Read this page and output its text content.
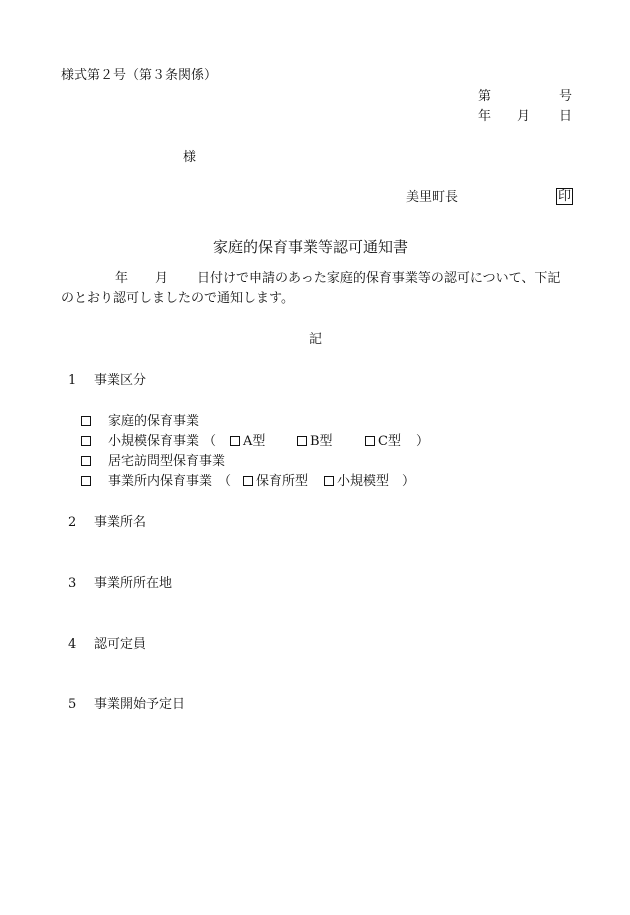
様式第２号（第３条関係）
第	号
年 月 日
様
美里町長	印
家庭的保育事業等認可通知書
年 月 日付けで申請のあった家庭的保育事業等の認可について、下記
のとおり認可しましたので通知します。
記
1 事業区分
家庭的保育事業
小規模保育事業 （	A型	B型	C型 ）
居宅訪問型保育事業
事業所内保育事業 （	保育所型	小規模型 ）
2 事業所名
3 事業所所在地
4 認可定員
5 事業開始予定日
